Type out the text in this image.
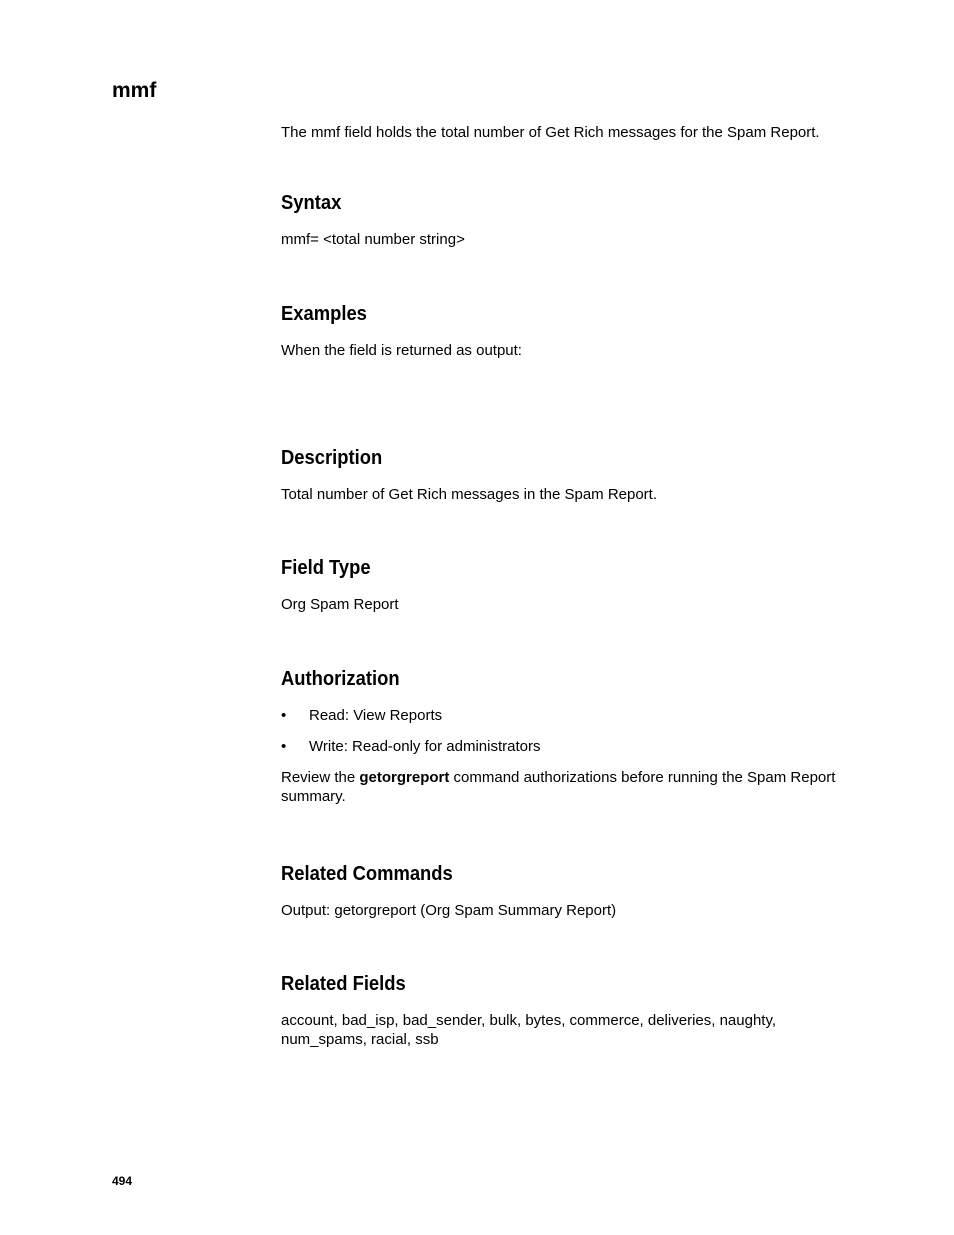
mmf

The mmf field holds the total number of Get Rich messages for the Spam Report.

Syntax

mmf= <total number string>

Examples

When the field is returned as output:

Description

Total number of Get Rich messages in the Spam Report.

Field Type

Org Spam Report

Authorization
• Read: View Reports
• Write: Read-only for administrators

Review the getorgreport command authorizations before running the Spam Report summary.

Related Commands

Output: getorgreport (Org Spam Summary Report)

Related Fields

account, bad_isp, bad_sender, bulk, bytes, commerce, deliveries, naughty, num_spams, racial, ssb

494
